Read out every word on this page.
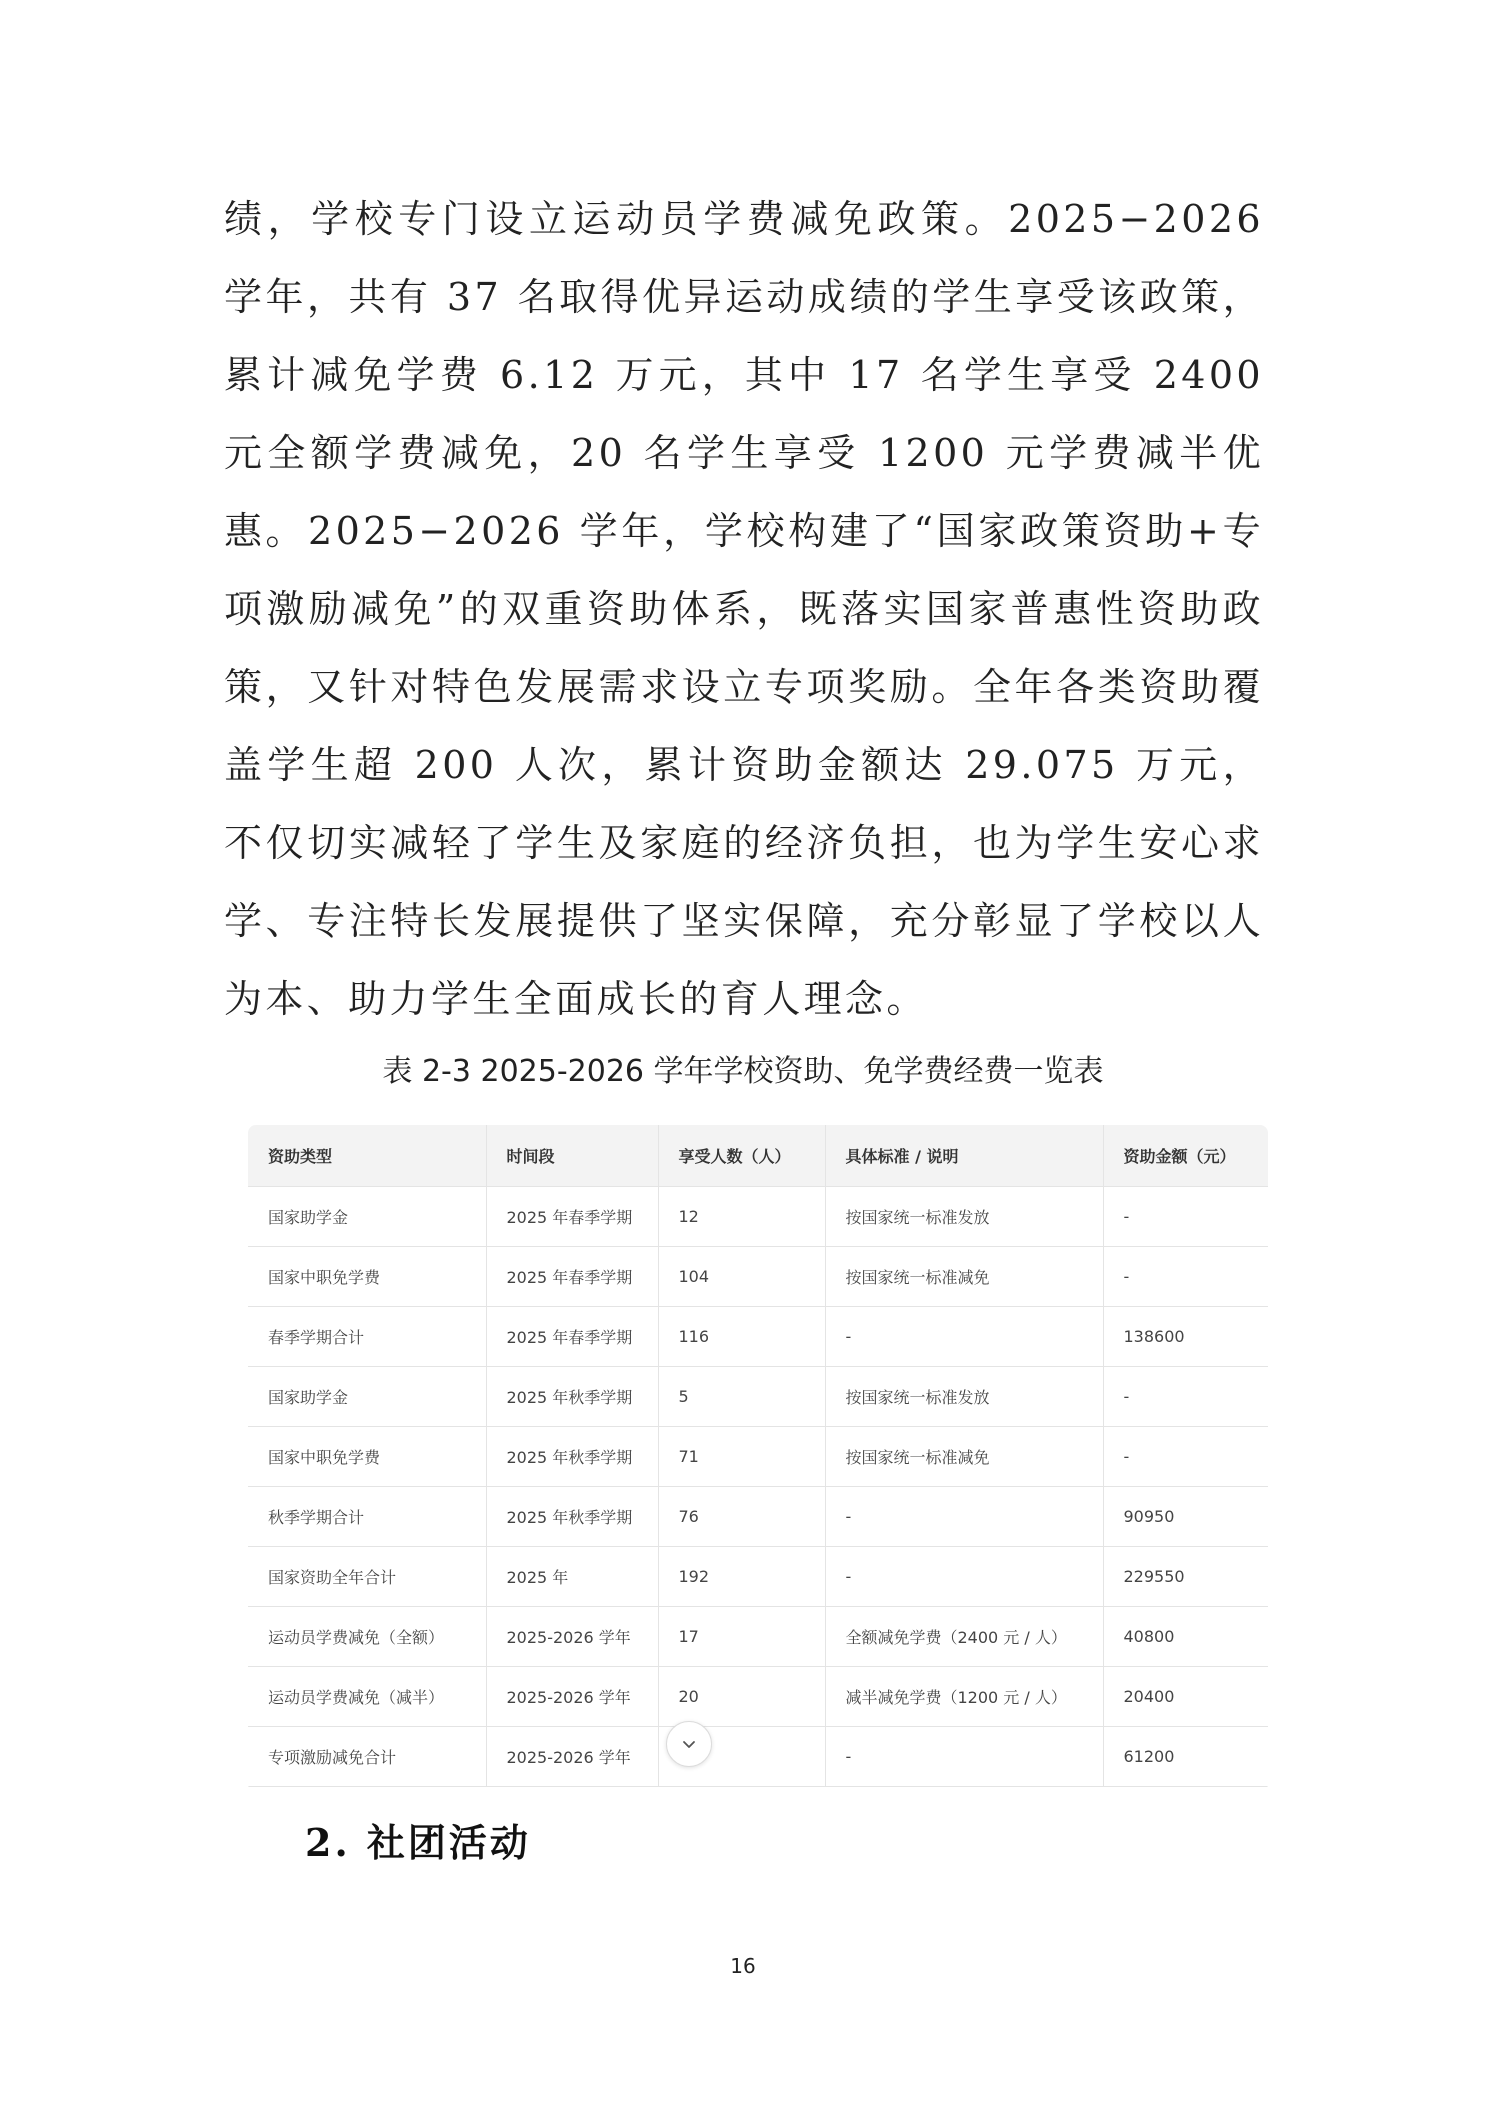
绩，学校专门设立运动员学费减免政策。2025−2026 学年，共有 37 名取得优异运动成绩的学生享受该政策，累计减免学费 6.12 万元，其中 17 名学生享受 2400 元全额学费减免，20 名学生享受 1200 元学费减半优惠。 2025−2026 学年，学校构建了“国家政策资助+专项激励减免”的双重资助体系，既落实国家普惠性资助政策，又针对特色发展需求设立专项奖励。全年各类资助覆盖学生超 200 人次，累计资助金额达 29.075 万元，不仅切实减轻了学生及家庭的经济负担，也为学生安心求学、专注特长发展提供了坚实保障，充分彰显了学校以人为本、助力学生全面成长的育人理念。

表 2-3 2025-2026 学年学校资助、免学费经费一览表
资助类型	时间段	享受人数（人）	具体标准 / 说明	资助金额（元）
国家助学金	2025 年春季学期	12	按国家统一标准发放	-
国家中职免学费	2025 年春季学期	104	按国家统一标准减免	-
春季学期合计	2025 年春季学期	116	-	138600
国家助学金	2025 年秋季学期	5	按国家统一标准发放	-
国家中职免学费	2025 年秋季学期	71	按国家统一标准减免	-
秋季学期合计	2025 年秋季学期	76	-	90950
国家资助全年合计	2025 年	192	-	229550
运动员学费减免（全额）	2025-2026 学年	17	全额减免学费（2400 元 / 人）	40800
运动员学费减免（减半）	2025-2026 学年	20	减半减免学费（1200 元 / 人）	20400
专项激励减免合计	2025-2026 学年		-	61200
2. 社团活动
16
